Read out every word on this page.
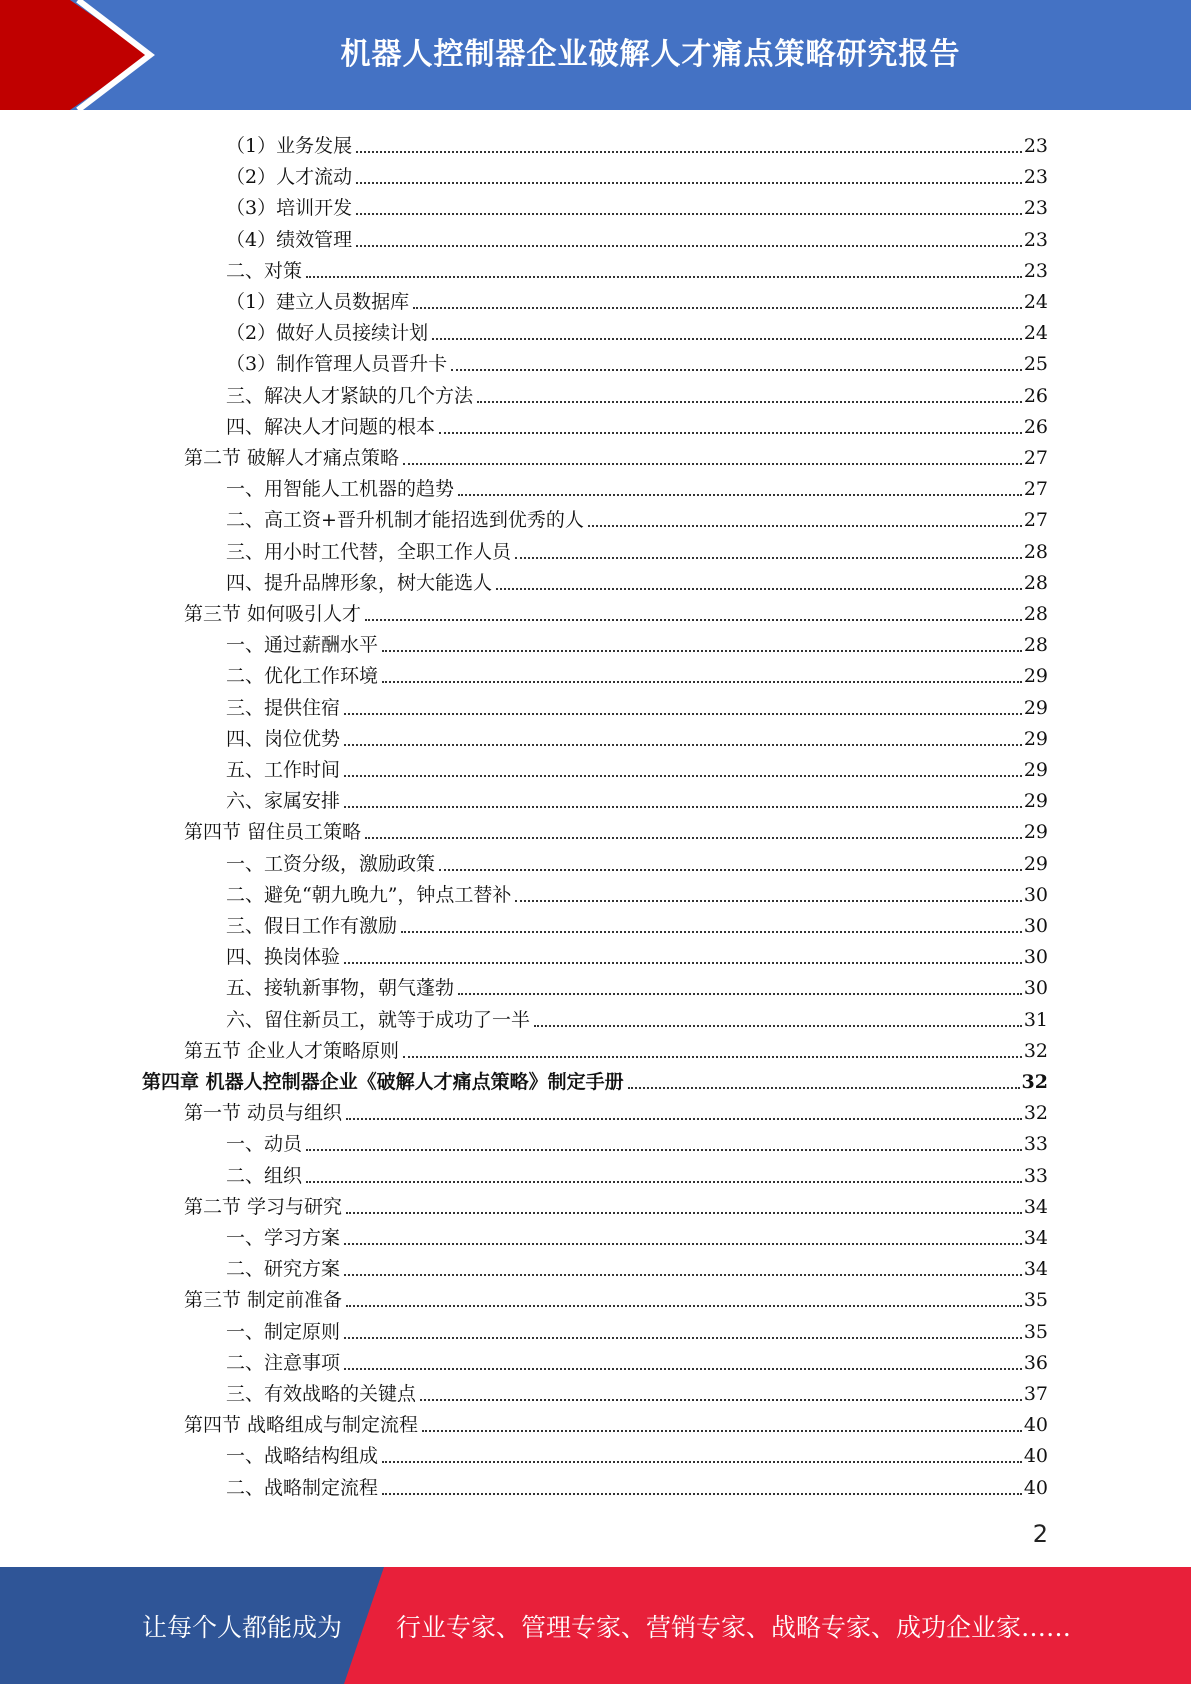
机器人控制器企业破解人才痛点策略研究报告
（1）业务发展	23
（2）人才流动	23
（3）培训开发	23
（4）绩效管理	23
二、对策	23
（1）建立人员数据库	24
（2）做好人员接续计划	24
（3）制作管理人员晋升卡	25
三、解决人才紧缺的几个方法	26
四、解决人才问题的根本	26
第二节 破解人才痛点策略	27
一、用智能人工机器的趋势	27
二、高工资+晋升机制才能招选到优秀的人	27
三、用小时工代替，全职工作人员	28
四、提升品牌形象，树大能选人	28
第三节 如何吸引人才	28
一、通过薪酬水平	28
二、优化工作环境	29
三、提供住宿	29
四、岗位优势	29
五、工作时间	29
六、家属安排	29
第四节 留住员工策略	29
一、工资分级，激励政策	29
二、避免“朝九晚九”，钟点工替补	30
三、假日工作有激励	30
四、换岗体验	30
五、接轨新事物，朝气蓬勃	30
六、留住新员工，就等于成功了一半	31
第五节 企业人才策略原则	32
第四章 机器人控制器企业《破解人才痛点策略》制定手册	32
第一节 动员与组织	32
一、动员	33
二、组织	33
第二节 学习与研究	34
一、学习方案	34
二、研究方案	34
第三节 制定前准备	35
一、制定原则	35
二、注意事项	36
三、有效战略的关键点	37
第四节 战略组成与制定流程	40
一、战略结构组成	40
二、战略制定流程	40
2
让每个人都能成为 行业专家、管理专家、营销专家、战略专家、成功企业家……
